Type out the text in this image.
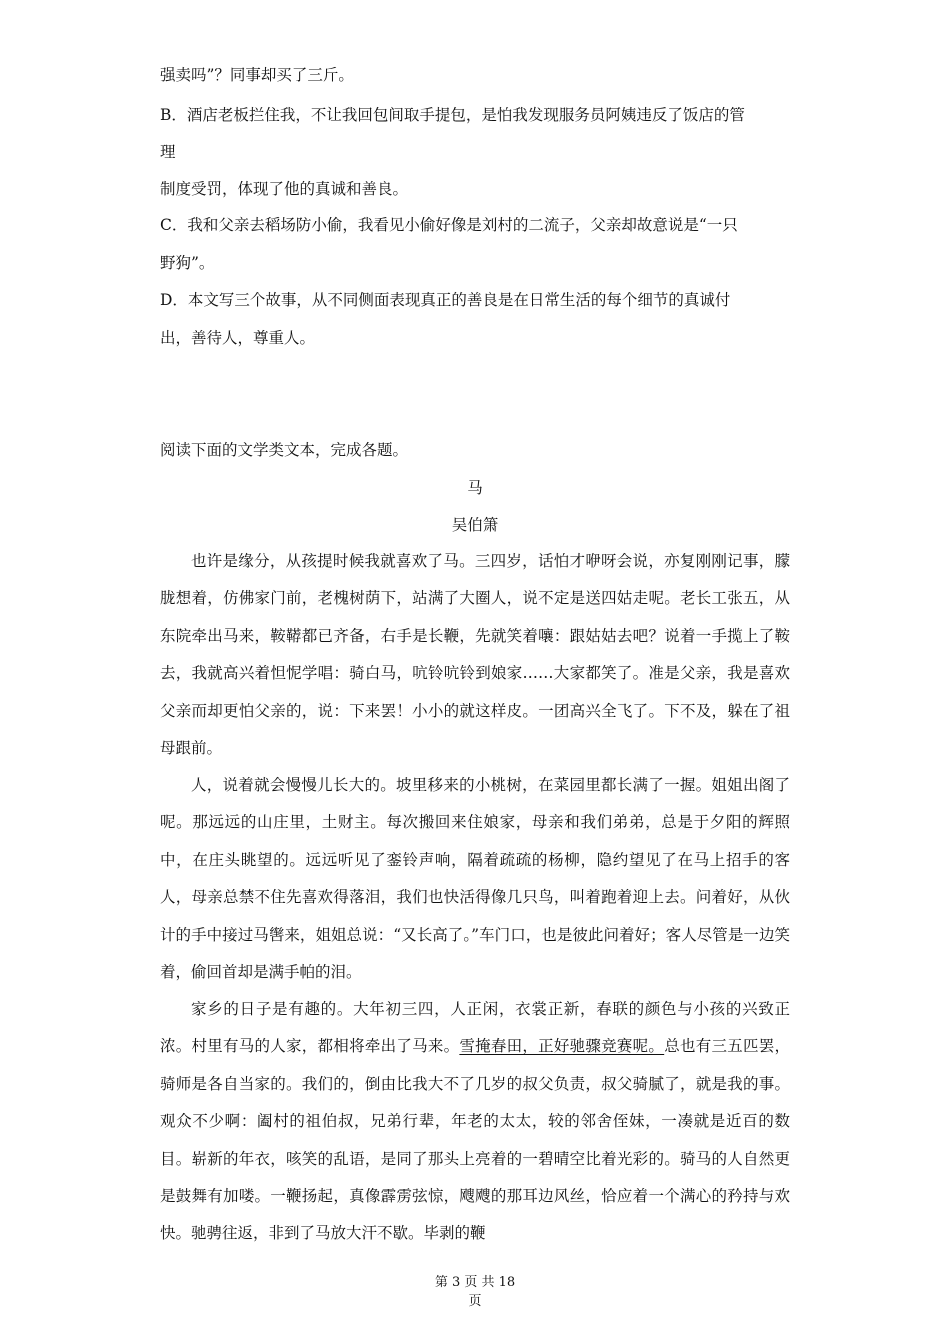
强卖吗”？同事却买了三斤。
B．酒店老板拦住我，不让我回包间取手提包，是怕我发现服务员阿姨违反了饭店的管
理
制度受罚，体现了他的真诚和善良。
C．我和父亲去稻场防小偷，我看见小偷好像是刘村的二流子，父亲却故意说是“一只
野狗”。
D．本文写三个故事，从不同侧面表现真正的善良是在日常生活的每个细节的真诚付
出，善待人，尊重人。
阅读下面的文学类文本，完成各题。
马
吴伯箫

也许是缘分，从孩提时候我就喜欢了马。三四岁，话怕才咿呀会说，亦复刚刚记事，朦胧想着，仿佛家门前，老槐树荫下，站满了大圈人，说不定是送四姑走呢。老长工张五，从东院牵出马来，鞍鞯都已齐备，右手是长鞭，先就笑着嚷：跟姑姑去吧？说着一手揽上了鞍去，我就高兴着怛怩学唱：骑白马，吭铃吭铃到娘家……大家都笑了。准是父亲，我是喜欢父亲而却更怕父亲的，说：下来罢！小小的就这样皮。一团高兴全飞了。下不及，躲在了祖母跟前。

人，说着就会慢慢儿长大的。坡里移来的小桃树，在菜园里都长满了一握。姐姐出阁了呢。那远远的山庄里，土财主。每次搬回来住娘家，母亲和我们弟弟，总是于夕阳的辉照中，在庄头眺望的。远远听见了銮铃声响，隔着疏疏的杨柳，隐约望见了在马上招手的客人，母亲总禁不住先喜欢得落泪，我们也快活得像几只鸟，叫着跑着迎上去。问着好，从伙计的手中接过马辔来，姐姐总说：“又长高了。”车门口，也是彼此问着好；客人尽管是一边笑着，偷回首却是满手帕的泪。

家乡的日子是有趣的。大年初三四，人正闲，衣裳正新，春联的颜色与小孩的兴致正浓。村里有马的人家，都相将牵出了马来。雪掩春田，正好驰骤竞赛呢。总也有三五匹罢，骑师是各自当家的。我们的，倒由比我大不了几岁的叔父负责，叔父骑腻了，就是我的事。观众不少啊：阖村的祖伯叔，兄弟行辈，年老的太太，较的邻舍侄妹，一凑就是近百的数目。崭新的年衣，咳笑的乱语，是同了那头上亮着的一碧晴空比着光彩的。骑马的人自然更是鼓舞有加喽。一鞭扬起，真像霹雳弦惊，飕飕的那耳边风丝，恰应着一个满心的矜持与欢快。驰骋往返，非到了马放大汗不歇。毕剥的鞭

第 3 页 共 18
页
